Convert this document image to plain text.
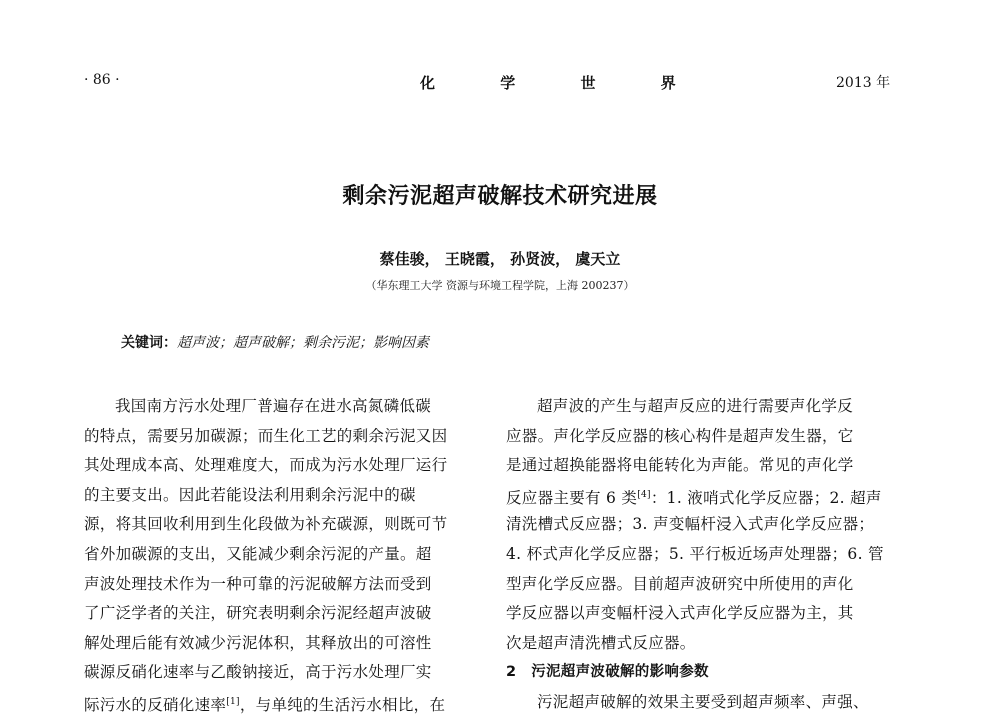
· 86 ·	化 学 世 界	2013 年
剩余污泥超声破解技术研究进展
蔡佳骏， 王晓霞， 孙贤波， 虞天立
（华东理工大学 资源与环境工程学院，上海 200237）
关键词：超声波；超声破解；剩余污泥；影响因素
我国南方污水处理厂普遍存在进水高氮磷低碳
的特点，需要另加碳源；而生化工艺的剩余污泥又因
其处理成本高、处理难度大，而成为污水处理厂运行
的主要支出。因此若能设法利用剩余污泥中的碳
源，将其回收利用到生化段做为补充碳源，则既可节
省外加碳源的支出，又能减少剩余污泥的产量。超
声波处理技术作为一种可靠的污泥破解方法而受到
了广泛学者的关注，研究表明剩余污泥经超声波破
解处理后能有效减少污泥体积，其释放出的可溶性
碳源反硝化速率与乙酸钠接近，高于污水处理厂实
际污水的反硝化速率[1]，与单纯的生活污水相比，在
超声波的产生与超声反应的进行需要声化学反
应器。声化学反应器的核心构件是超声发生器，它
是通过超换能器将电能转化为声能。常见的声化学
反应器主要有 6 类[4]：1. 液哨式化学反应器；2. 超声
清洗槽式反应器；3. 声变幅杆浸入式声化学反应器；
4. 杯式声化学反应器；5. 平行板近场声处理器；6. 管
型声化学反应器。目前超声波研究中所使用的声化
学反应器以声变幅杆浸入式声化学反应器为主，其
次是超声清洗槽式反应器。
2　污泥超声波破解的影响参数
污泥超声破解的效果主要受到超声频率、声强、
